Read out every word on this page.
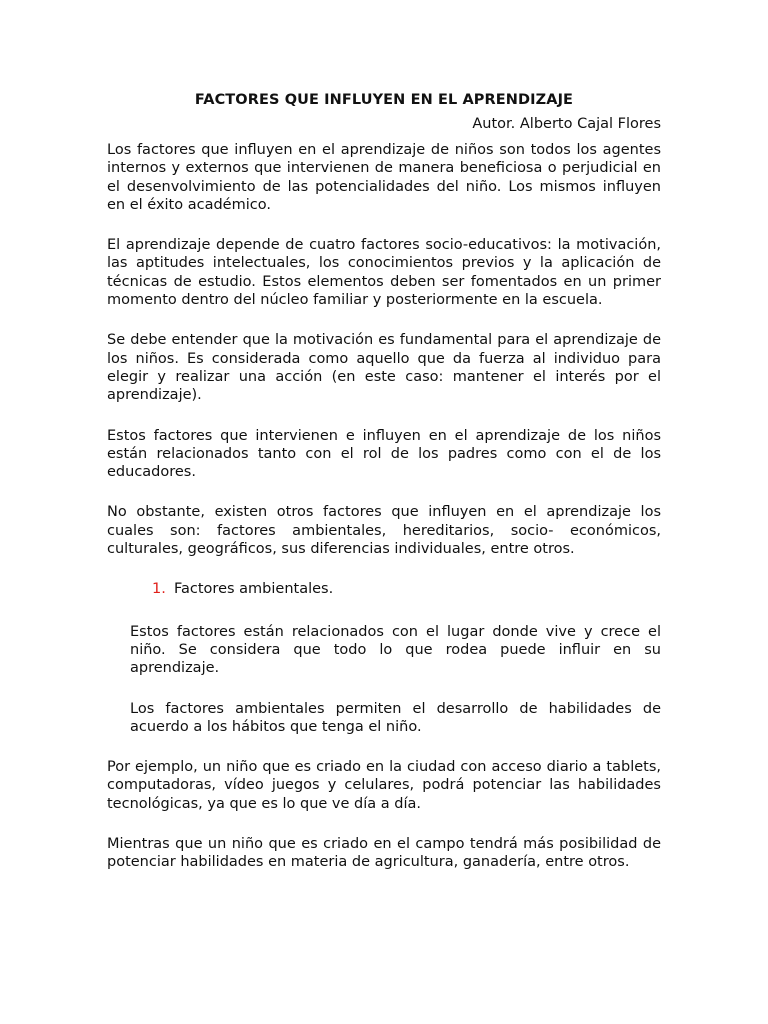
FACTORES QUE INFLUYEN EN EL APRENDIZAJE
Autor. Alberto Cajal Flores

Los factores que influyen en el aprendizaje de niños son todos los agentes internos y externos que intervienen de manera beneficiosa o perjudicial en el desenvolvimiento de las potencialidades del niño. Los mismos influyen en el éxito académico.

El aprendizaje depende de cuatro factores socio-educativos: la motivación, las aptitudes intelectuales, los conocimientos previos y la aplicación de técnicas de estudio. Estos elementos deben ser fomentados en un primer momento dentro del núcleo familiar y posteriormente en la escuela.

Se debe entender que la motivación es fundamental para el aprendizaje de los niños. Es considerada como aquello que da fuerza al individuo para elegir y realizar una acción (en este caso: mantener el interés por el aprendizaje).

Estos factores que intervienen e influyen en el aprendizaje de los niños están relacionados tanto con el rol de los padres como con el de los educadores.

No obstante, existen otros factores que influyen en el aprendizaje los cuales son: factores ambientales, hereditarios, socio- económicos, culturales, geográficos, sus diferencias individuales, entre otros.

1. Factores ambientales.

Estos factores están relacionados con el lugar donde vive y crece el niño. Se considera que todo lo que rodea puede influir en su aprendizaje.

Los factores ambientales permiten el desarrollo de habilidades de acuerdo a los hábitos que tenga el niño.

Por ejemplo, un niño que es criado en la ciudad con acceso diario a tablets, computadoras, vídeo juegos y celulares, podrá potenciar las habilidades tecnológicas, ya que es lo que ve día a día.

Mientras que un niño que es criado en el campo tendrá más posibilidad de potenciar habilidades en materia de agricultura, ganadería, entre otros.
